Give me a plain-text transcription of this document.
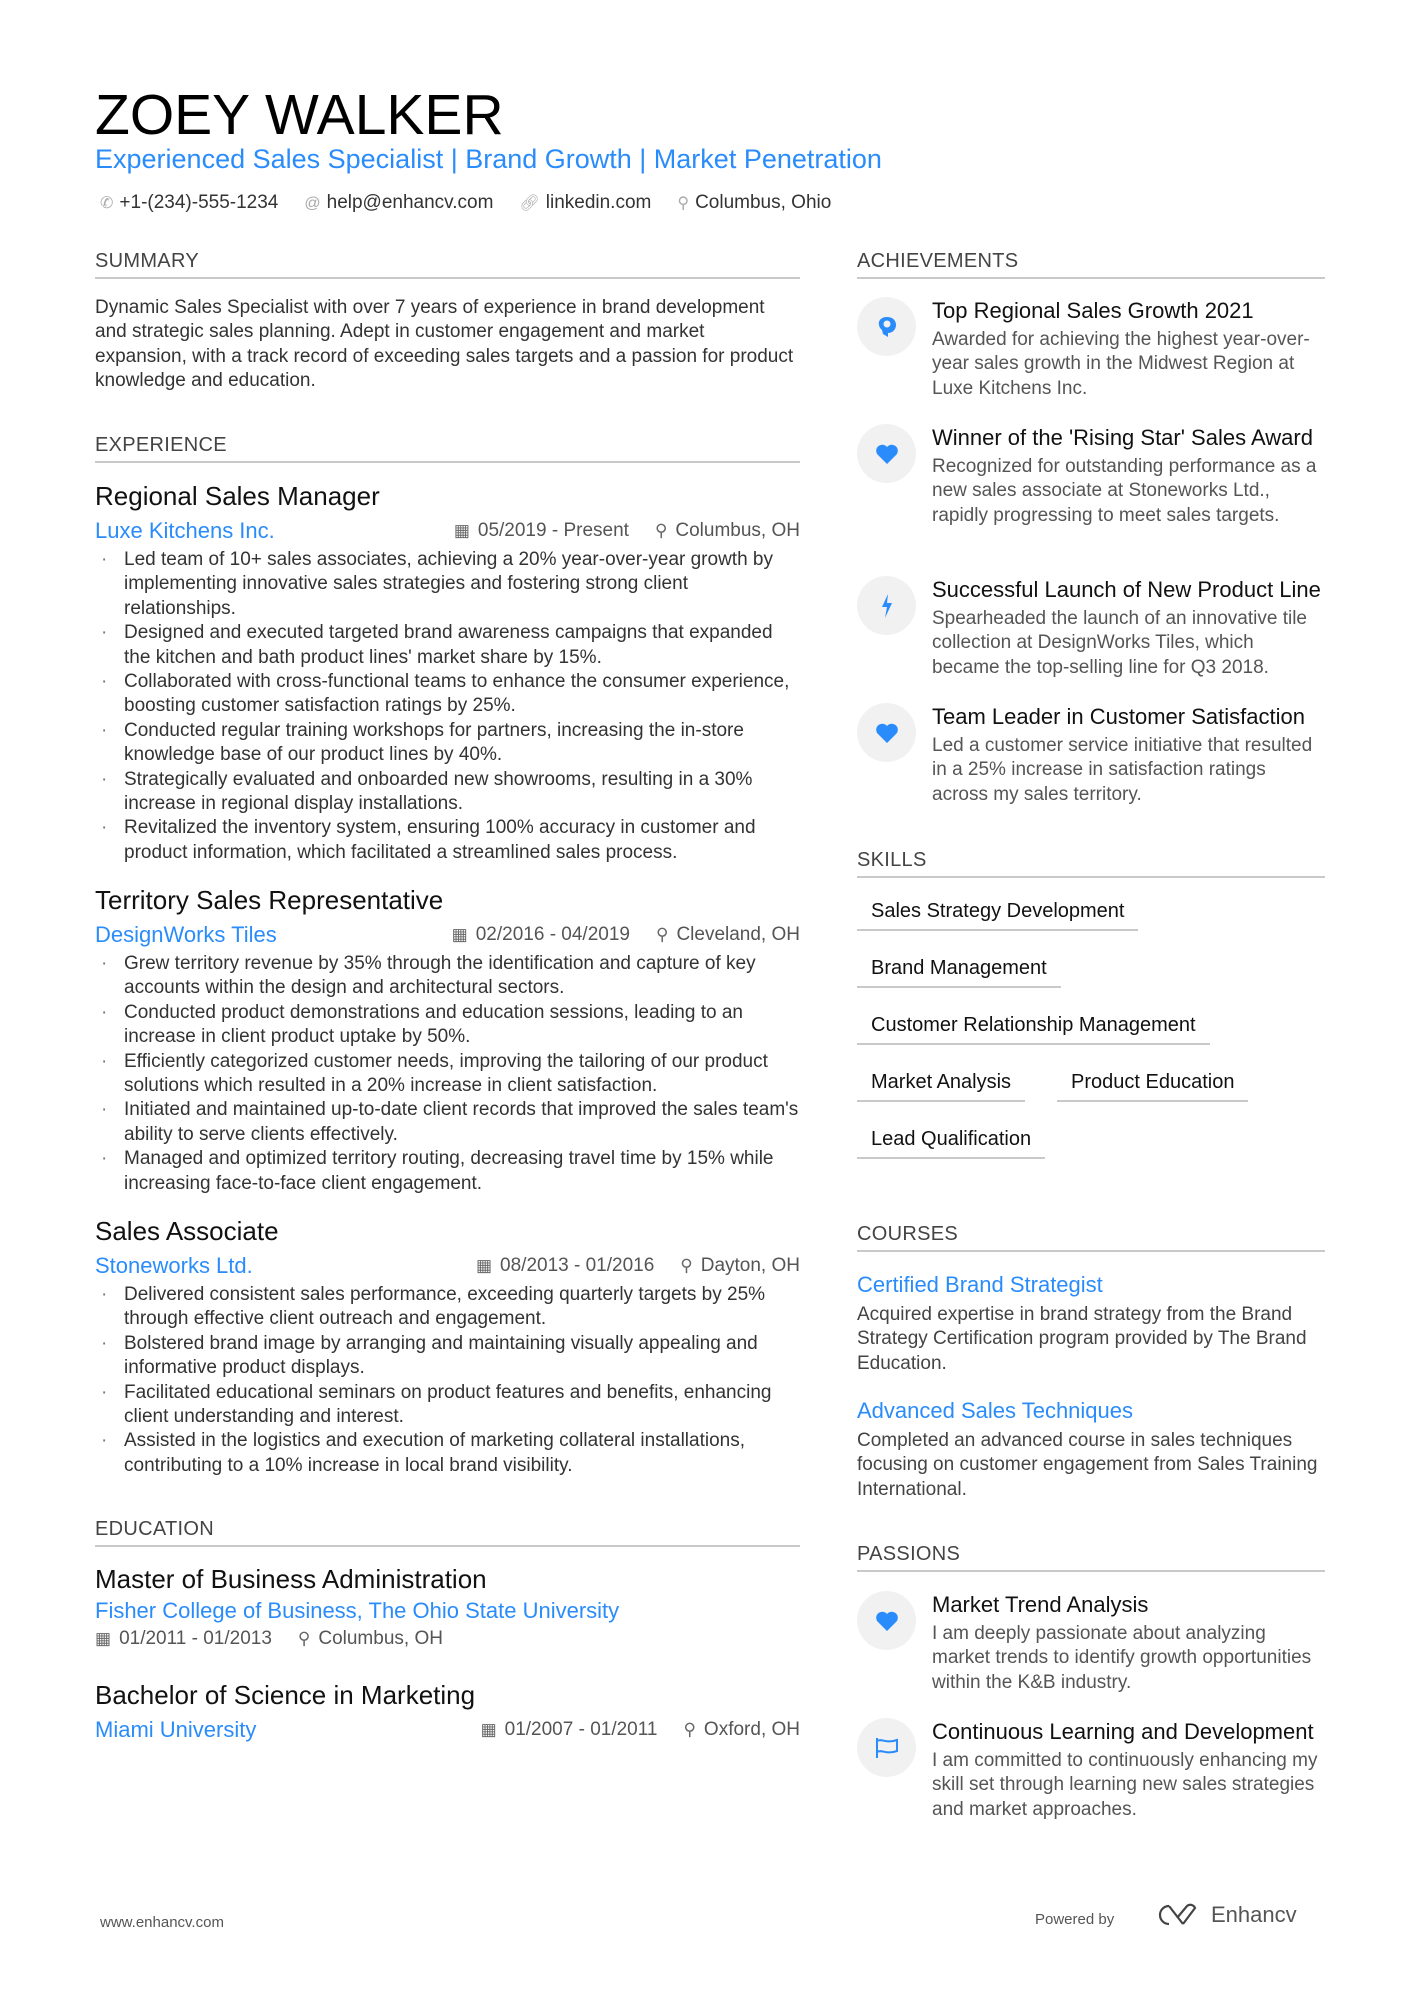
ZOEY WALKER
Experienced Sales Specialist | Brand Growth | Market Penetration
✆ +1-(234)-555-1234 @ help@enhancv.com 🔗︎ linkedin.com ⚲ Columbus, Ohio
SUMMARY

Dynamic Sales Specialist with over 7 years of experience in brand development and strategic sales planning. Adept in customer engagement and market expansion, with a track record of exceeding sales targets and a passion for product knowledge and education.

EXPERIENCE
Regional Sales Manager
Luxe Kitchens Inc.	▦ 05/2019 - Present ⚲ Columbus, OH
· Led team of 10+ sales associates, achieving a 20% year-over-year growth by implementing innovative sales strategies and fostering strong client relationships.
· Designed and executed targeted brand awareness campaigns that expanded the kitchen and bath product lines' market share by 15%.
· Collaborated with cross-functional teams to enhance the consumer experience, boosting customer satisfaction ratings by 25%.
· Conducted regular training workshops for partners, increasing the in-store knowledge base of our product lines by 40%.
· Strategically evaluated and onboarded new showrooms, resulting in a 30% increase in regional display installations.
· Revitalized the inventory system, ensuring 100% accuracy in customer and product information, which facilitated a streamlined sales process.
Territory Sales Representative
DesignWorks Tiles	▦ 02/2016 - 04/2019 ⚲ Cleveland, OH
· Grew territory revenue by 35% through the identification and capture of key accounts within the design and architectural sectors.
· Conducted product demonstrations and education sessions, leading to an increase in client product uptake by 50%.
· Efficiently categorized customer needs, improving the tailoring of our product solutions which resulted in a 20% increase in client satisfaction.
· Initiated and maintained up-to-date client records that improved the sales team's ability to serve clients effectively.
· Managed and optimized territory routing, decreasing travel time by 15% while increasing face-to-face client engagement.
Sales Associate
Stoneworks Ltd.	▦ 08/2013 - 01/2016 ⚲ Dayton, OH
· Delivered consistent sales performance, exceeding quarterly targets by 25% through effective client outreach and engagement.
· Bolstered brand image by arranging and maintaining visually appealing and informative product displays.
· Facilitated educational seminars on product features and benefits, enhancing client understanding and interest.
· Assisted in the logistics and execution of marketing collateral installations, contributing to a 10% increase in local brand visibility.
EDUCATION
Master of Business Administration
Fisher College of Business, The Ohio State University
▦ 01/2011 - 01/2013 ⚲ Columbus, OH
Bachelor of Science in Marketing
Miami University	▦ 01/2007 - 01/2011 ⚲ Oxford, OH
ACHIEVEMENTS
Top Regional Sales Growth 2021
Awarded for achieving the highest year-over-year sales growth in the Midwest Region at Luxe Kitchens Inc.
Winner of the 'Rising Star' Sales Award
Recognized for outstanding performance as a new sales associate at Stoneworks Ltd., rapidly progressing to meet sales targets.
Successful Launch of New Product Line
Spearheaded the launch of an innovative tile collection at DesignWorks Tiles, which became the top-selling line for Q3 2018.
Team Leader in Customer Satisfaction
Led a customer service initiative that resulted in a 25% increase in satisfaction ratings across my sales territory.
SKILLS
Sales Strategy Development
Brand Management
Customer Relationship Management
Market Analysis	Product Education
Lead Qualification
COURSES
Certified Brand Strategist
Acquired expertise in brand strategy from the Brand Strategy Certification program provided by The Brand Education.
Advanced Sales Techniques
Completed an advanced course in sales techniques focusing on customer engagement from Sales Training International.
PASSIONS
Market Trend Analysis
I am deeply passionate about analyzing market trends to identify growth opportunities within the K&B industry.
Continuous Learning and Development
I am committed to continuously enhancing my skill set through learning new sales strategies and market approaches.
www.enhancv.com	Powered by	Enhancv
